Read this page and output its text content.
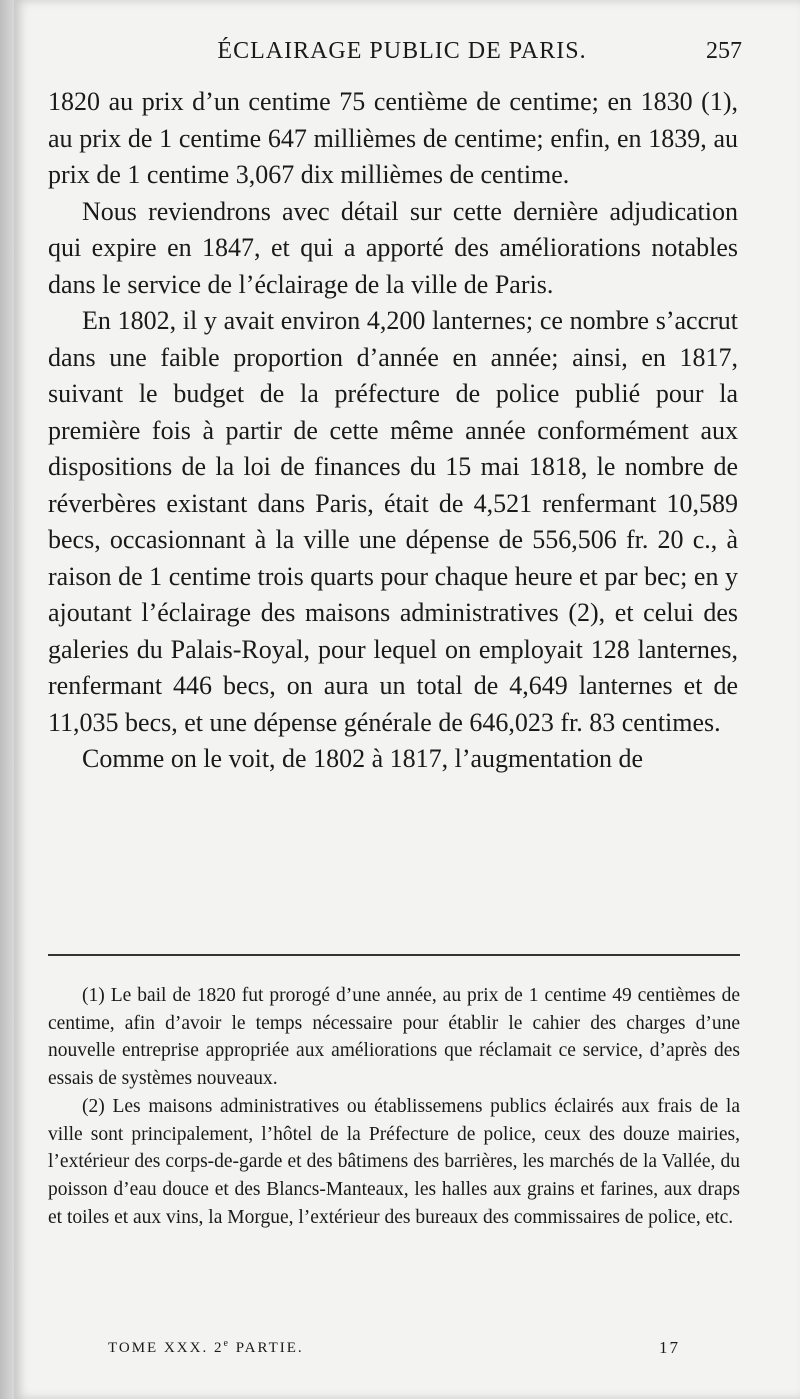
ÉCLAIRAGE PUBLIC DE PARIS.	257

1820 au prix d’un centime 75 centième de centime; en 1830 (1), au prix de 1 centime 647 millièmes de centime; enfin, en 1839, au prix de 1 centime 3,067 dix millièmes de centime.

Nous reviendrons avec détail sur cette dernière adjudication qui expire en 1847, et qui a apporté des améliorations notables dans le service de l’éclairage de la ville de Paris.

En 1802, il y avait environ 4,200 lanternes; ce nombre s’accrut dans une faible proportion d’année en année; ainsi, en 1817, suivant le budget de la préfecture de police publié pour la première fois à partir de cette même année conformément aux dispositions de la loi de finances du 15 mai 1818, le nombre de réverbères existant dans Paris, était de 4,521 renfermant 10,589 becs, occasionnant à la ville une dépense de 556,506 fr. 20 c., à raison de 1 centime trois quarts pour chaque heure et par bec; en y ajoutant l’éclairage des maisons administratives (2), et celui des galeries du Palais-Royal, pour lequel on employait 128 lanternes, renfermant 446 becs, on aura un total de 4,649 lanternes et de 11,035 becs, et une dépense générale de 646,023 fr. 83 centimes.

Comme on le voit, de 1802 à 1817, l’augmentation de

(1) Le bail de 1820 fut prorogé d’une année, au prix de 1 centime 49 centièmes de centime, afin d’avoir le temps nécessaire pour établir le cahier des charges d’une nouvelle entreprise appropriée aux améliorations que réclamait ce service, d’après des essais de systèmes nouveaux.

(2) Les maisons administratives ou établissemens publics éclairés aux frais de la ville sont principalement, l’hôtel de la Préfecture de police, ceux des douze mairies, l’extérieur des corps-de-garde et des bâtimens des barrières, les marchés de la Vallée, du poisson d’eau douce et des Blancs-Manteaux, les halles aux grains et farines, aux draps et toiles et aux vins, la Morgue, l’extérieur des bureaux des commissaires de police, etc.

TOME XXX. 2e PARTIE.	17
